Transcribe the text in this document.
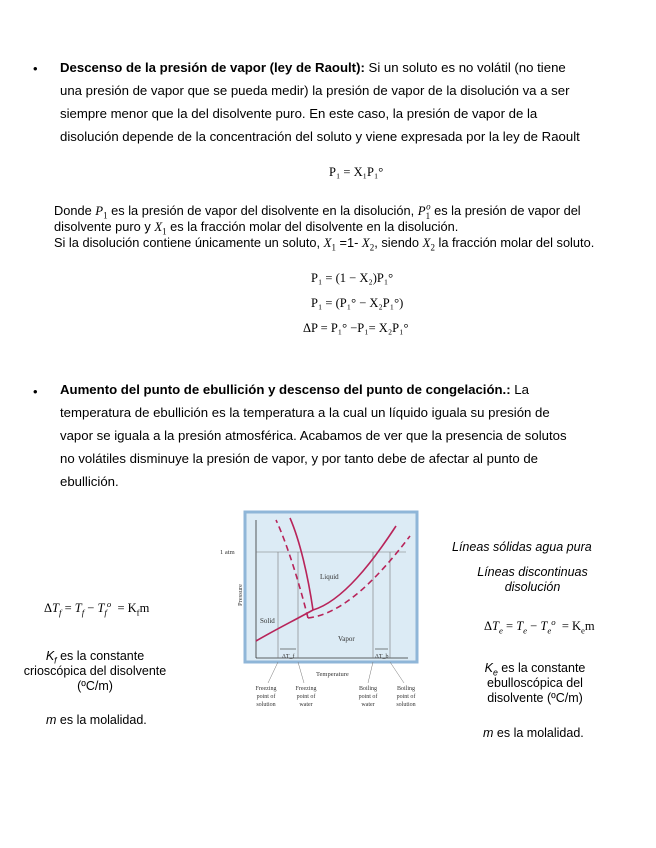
• Descenso de la presión de vapor (ley de Raoult): Si un soluto es no volátil (no tiene
una presión de vapor que se pueda medir) la presión de vapor de la disolución va a ser
siempre menor que la del disolvente puro. En este caso, la presión de vapor de la
disolución depende de la concentración del soluto y viene expresada por la ley de Raoult
P₁ = X₁P₁°
Donde $P_1$ es la presión de vapor del disolvente en la disolución, $P_1^o$ es la presión de vapor del
disolvente puro y $X_1$ es la fracción molar del disolvente en la disolución.
Si la disolución contiene únicamente un soluto, $X_1 =1-$ $X_2$, siendo $X_2$ la fracción molar del soluto.
P₁ = (1 − X₂)P₁°
P₁ = (P₁° − X₂P₁°)
ΔP = P₁° −P₁= X₂P₁°
• Aumento del punto de ebullición y descenso del punto de congelación.: La
temperatura de ebullición es la temperatura a la cual un líquido iguala su presión de
vapor se iguala a la presión atmosférica. Acabamos de ver que la presencia de solutos
no volátiles disminuye la presión de vapor, y por tanto debe de afectar al punto de
ebullición.
$\Delta T_f = T_f - T_f^o = K_fm$
$K_f$ es la constante
crioscópica del disolvente
(ºC/m)
m es la molalidad.
Líneas sólidas agua pura
Líneas discontinuas
disolución
$\Delta T_e = T_e - T_e^o = K_em$
$K_e$ es la constante
ebulloscópica del
disolvente (ºC/m)
m es la molalidad.
1 atm
Pressure
Liquid
Solid
Vapor
ΔT_f	ΔT_b
Temperature
Freezing
point of
solution
Freezing
point of
water
Boiling
point of
water
Boiling
point of
solution
